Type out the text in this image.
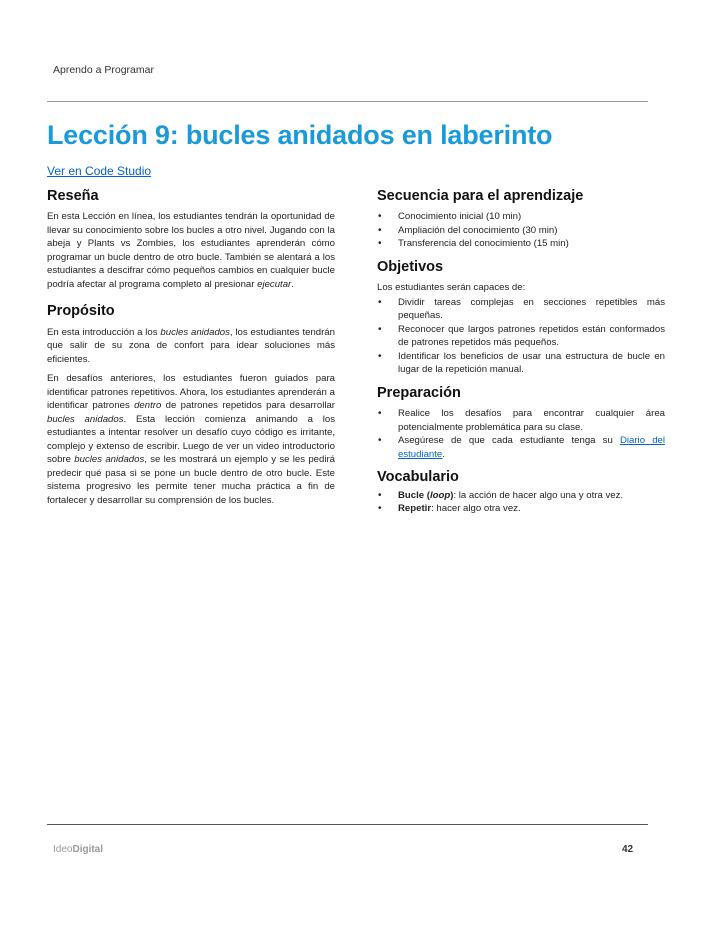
Aprendo a Programar
Lección 9: bucles anidados en laberinto
Ver en Code Studio
Reseña

En esta Lección en línea, los estudiantes tendrán la oportunidad de llevar su conocimiento sobre los bucles a otro nivel. Jugando con la abeja y Plants vs Zombies, los estudiantes aprenderán cómo programar un bucle dentro de otro bucle. También se alentará a los estudiantes a descifrar cómo pequeños cambios en cualquier bucle podría afectar al programa completo al presionar ejecutar.

Propósito

En esta introducción a los bucles anidados, los estudiantes tendrán que salir de su zona de confort para idear soluciones más eficientes.

En desafíos anteriores, los estudiantes fueron guiados para identificar patrones repetitivos. Ahora, los estudiantes aprenderán a identificar patrones dentro de patrones repetidos para desarrollar bucles anidados. Esta lección comienza animando a los estudiantes a intentar resolver un desafío cuyo código es irritante, complejo y extenso de escribir. Luego de ver un video introductorio sobre bucles anidados, se les mostrará un ejemplo y se les pedirá predecir qué pasa si se pone un bucle dentro de otro bucle. Este sistema progresivo les permite tener mucha práctica a fin de fortalecer y desarrollar su comprensión de los bucles.

Secuencia para el aprendizaje
• Conocimiento inicial (10 min)
• Ampliación del conocimiento (30 min)
• Transferencia del conocimiento (15 min)
Objetivos

Los estudiantes serán capaces de:

• Dividir tareas complejas en secciones repetibles más pequeñas.
• Reconocer que largos patrones repetidos están conformados de patrones repetidos más pequeños.
• Identificar los beneficios de usar una estructura de bucle en lugar de la repetición manual.
Preparación
• Realice los desafíos para encontrar cualquier área potencialmente problemática para su clase.
• Asegúrese de que cada estudiante tenga su Diario del estudiante.
Vocabulario
• Bucle (loop): la acción de hacer algo una y otra vez.
• Repetir: hacer algo otra vez.
IdeoDigital	42
